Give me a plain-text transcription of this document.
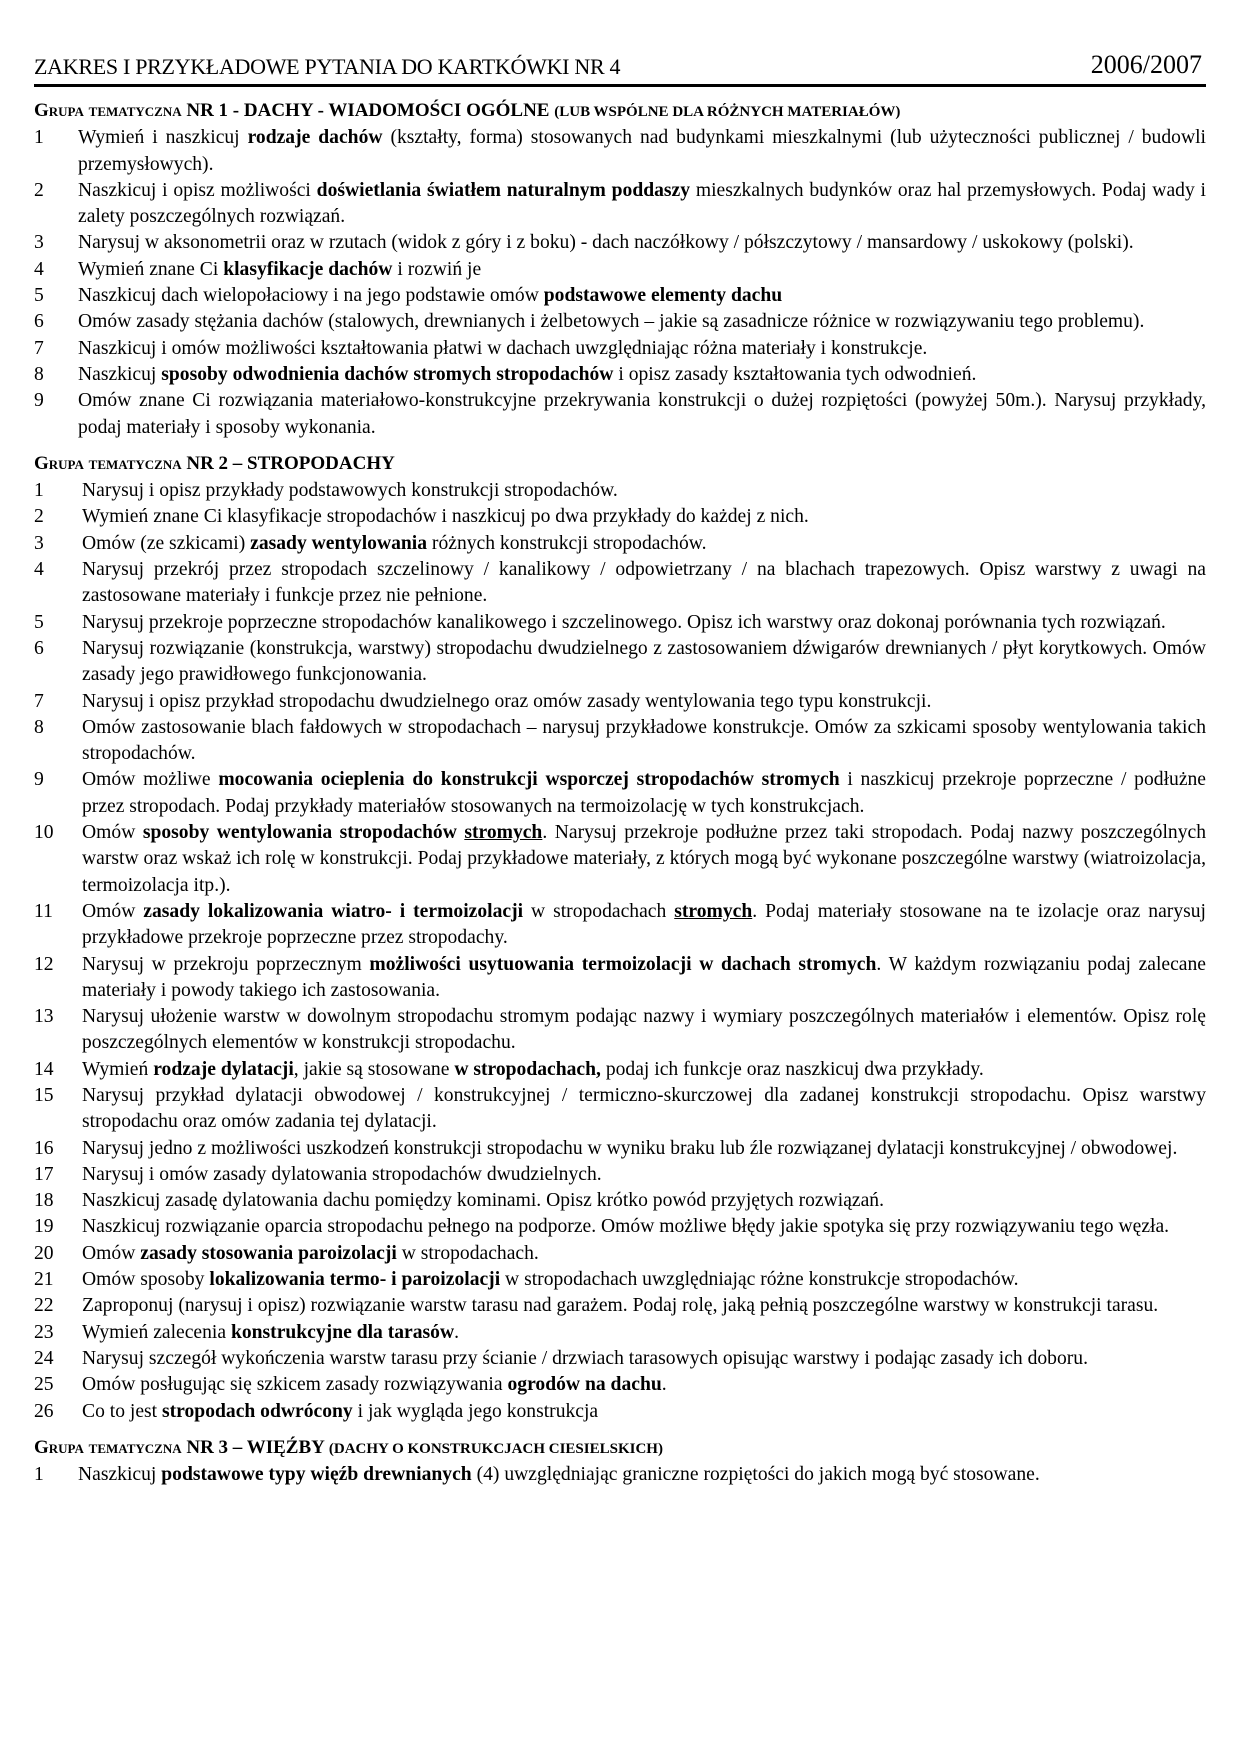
ZAKRES I PRZYKŁADOWE PYTANIA DO KARTKÓWKI NR 4	2006/2007
Grupa tematyczna NR 1 - DACHY - WIADOMOŚCI OGÓLNE (LUB WSPÓLNE DLA RÓŻNYCH MATERIAŁÓW)
1	Wymień i naszkicuj rodzaje dachów (kształty, forma) stosowanych nad budynkami mieszkalnymi (lub użyteczności publicznej / budowli przemysłowych).
2	Naszkicuj i opisz możliwości doświetlania światłem naturalnym poddaszy mieszkalnych budynków oraz hal przemysłowych. Podaj wady i zalety poszczególnych rozwiązań.
3	Narysuj w aksonometrii oraz w rzutach (widok z góry i z boku) - dach naczółkowy / półszczytowy / mansardowy / uskokowy (polski).
4	Wymień znane Ci klasyfikacje dachów i rozwiń je
5	Naszkicuj dach wielopołaciowy i na jego podstawie omów podstawowe elementy dachu
6	Omów zasady stężania dachów (stalowych, drewnianych i żelbetowych – jakie są zasadnicze różnice w rozwiązywaniu tego problemu).
7	Naszkicuj i omów możliwości kształtowania płatwi w dachach uwzględniając różna materiały i konstrukcje.
8	Naszkicuj sposoby odwodnienia dachów stromych stropodachów i opisz zasady kształtowania tych odwodnień.
9	Omów znane Ci rozwiązania materiałowo-konstrukcyjne przekrywania konstrukcji o dużej rozpiętości (powyżej 50m.). Narysuj przykłady, podaj materiały i sposoby wykonania.
Grupa tematyczna NR 2 – STROPODACHY
1	Narysuj i opisz przykłady podstawowych konstrukcji stropodachów.
2	Wymień znane Ci klasyfikacje stropodachów i naszkicuj po dwa przykłady do każdej z nich.
3	Omów (ze szkicami) zasady wentylowania różnych konstrukcji stropodachów.
4	Narysuj przekrój przez stropodach szczelinowy / kanalikowy / odpowietrzany / na blachach trapezowych. Opisz warstwy z uwagi na zastosowane materiały i funkcje przez nie pełnione.
5	Narysuj przekroje poprzeczne stropodachów kanalikowego i szczelinowego. Opisz ich warstwy oraz dokonaj porównania tych rozwiązań.
6	Narysuj rozwiązanie (konstrukcja, warstwy) stropodachu dwudzielnego z zastosowaniem dźwigarów drewnianych / płyt korytkowych. Omów zasady jego prawidłowego funkcjonowania.
7	Narysuj i opisz przykład stropodachu dwudzielnego oraz omów zasady wentylowania tego typu konstrukcji.
8	Omów zastosowanie blach fałdowych w stropodachach – narysuj przykładowe konstrukcje. Omów za szkicami sposoby wentylowania takich stropodachów.
9	Omów możliwe mocowania ocieplenia do konstrukcji wsporczej stropodachów stromych i naszkicuj przekroje poprzeczne / podłużne przez stropodach. Podaj przykłady materiałów stosowanych na termoizolację w tych konstrukcjach.
10	Omów sposoby wentylowania stropodachów stromych. Narysuj przekroje podłużne przez taki stropodach. Podaj nazwy poszczególnych warstw oraz wskaż ich rolę w konstrukcji. Podaj przykładowe materiały, z których mogą być wykonane poszczególne warstwy (wiatroizolacja, termoizolacja itp.).
11	Omów zasady lokalizowania wiatro- i termoizolacji w stropodachach stromych. Podaj materiały stosowane na te izolacje oraz narysuj przykładowe przekroje poprzeczne przez stropodachy.
12	Narysuj w przekroju poprzecznym możliwości usytuowania termoizolacji w dachach stromych. W każdym rozwiązaniu podaj zalecane materiały i powody takiego ich zastosowania.
13	Narysuj ułożenie warstw w dowolnym stropodachu stromym podając nazwy i wymiary poszczególnych materiałów i elementów. Opisz rolę poszczególnych elementów w konstrukcji stropodachu.
14	Wymień rodzaje dylatacji, jakie są stosowane w stropodachach, podaj ich funkcje oraz naszkicuj dwa przykłady.
15	Narysuj przykład dylatacji obwodowej / konstrukcyjnej / termiczno-skurczowej dla zadanej konstrukcji stropodachu. Opisz warstwy stropodachu oraz omów zadania tej dylatacji.
16	Narysuj jedno z możliwości uszkodzeń konstrukcji stropodachu w wyniku braku lub źle rozwiązanej dylatacji konstrukcyjnej / obwodowej.
17	Narysuj i omów zasady dylatowania stropodachów dwudzielnych.
18	Naszkicuj zasadę dylatowania dachu pomiędzy kominami. Opisz krótko powód przyjętych rozwiązań.
19	Naszkicuj rozwiązanie oparcia stropodachu pełnego na podporze. Omów możliwe błędy jakie spotyka się przy rozwiązywaniu tego węzła.
20	Omów zasady stosowania paroizolacji w stropodachach.
21	Omów sposoby lokalizowania termo- i paroizolacji w stropodachach uwzględniając różne konstrukcje stropodachów.
22	Zaproponuj (narysuj i opisz) rozwiązanie warstw tarasu nad garażem. Podaj rolę, jaką pełnią poszczególne warstwy w konstrukcji tarasu.
23	Wymień zalecenia konstrukcyjne dla tarasów.
24	Narysuj szczegół wykończenia warstw tarasu przy ścianie / drzwiach tarasowych opisując warstwy i podając zasady ich doboru.
25	Omów posługując się szkicem zasady rozwiązywania ogrodów na dachu.
26	Co to jest stropodach odwrócony i jak wygląda jego konstrukcja
Grupa tematyczna NR 3 – WIĘŹBY (DACHY O KONSTRUKCJACH CIESIELSKICH)
1	Naszkicuj podstawowe typy więźb drewnianych (4) uwzględniając graniczne rozpiętości do jakich mogą być stosowane.
